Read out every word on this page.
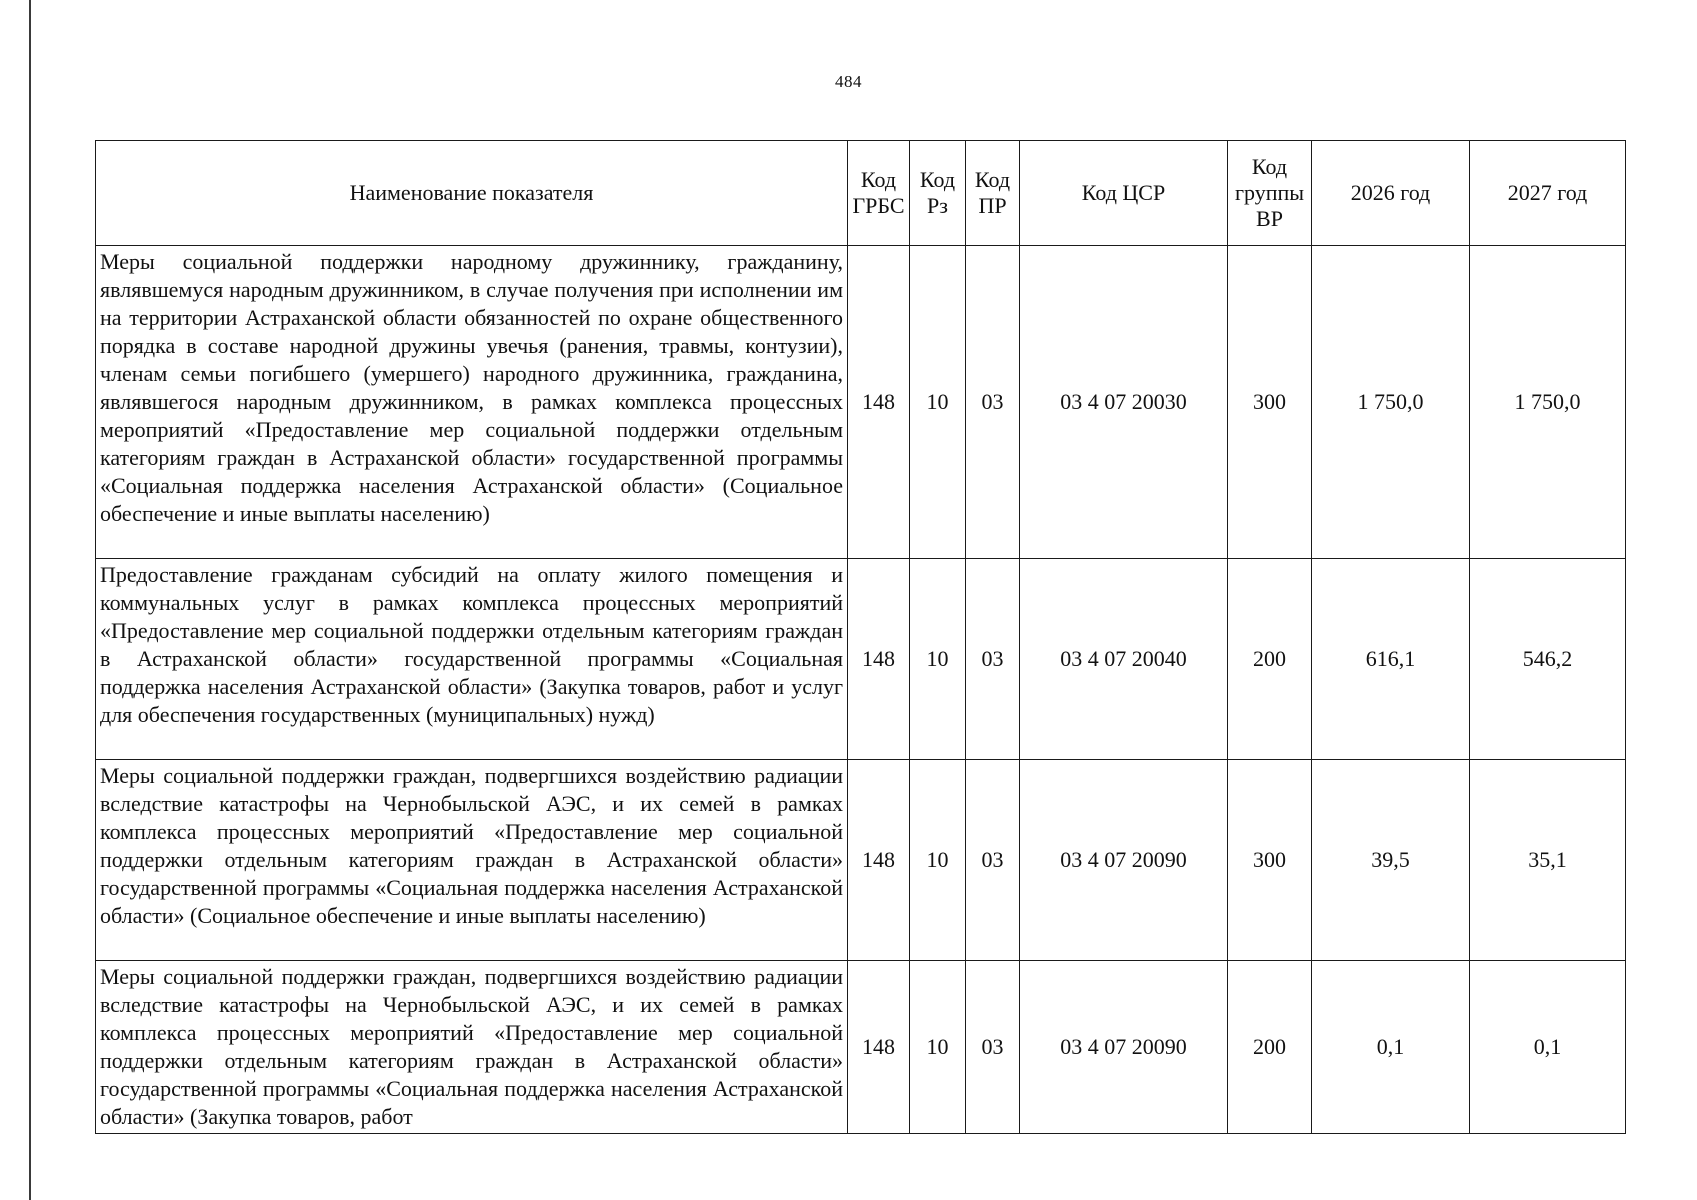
484
Наименование показателя	Код ГРБС	Код Рз	Код ПР	Код ЦСР	Код группы ВР	2026 год	2027 год

Меры социальной поддержки народному дружиннику, гражданину, являвшемуся народным дружинником, в случае получения при исполнении им на территории Астраханской области обязанностей по охране общественного порядка в составе народной дружины увечья (ранения, травмы, контузии), членам семьи погибшего (умершего) народного дружинника, гражданина, являвшегося народным дружинником, в рамках комплекса процессных мероприятий «Предоставление мер социальной поддержки отдельным категориям граждан в Астраханской области» государственной программы «Социальная поддержка населения Астраханской области» (Социальное обеспечение и иные выплаты населению)	148	10	03	03 4 07 20030	300	1 750,0	1 750,0

Предоставление гражданам субсидий на оплату жилого помещения и коммунальных услуг в рамках комплекса процессных мероприятий «Предоставление мер социальной поддержки отдельным категориям граждан в Астраханской области» государственной программы «Социальная поддержка населения Астраханской области» (Закупка товаров, работ и услуг для обеспечения государственных (муниципальных) нужд)	148	10	03	03 4 07 20040	200	616,1	546,2

Меры социальной поддержки граждан, подвергшихся воздействию радиации вследствие катастрофы на Чернобыльской АЭС, и их семей в рамках комплекса процессных мероприятий «Предоставление мер социальной поддержки отдельным категориям граждан в Астраханской области» государственной программы «Социальная поддержка населения Астраханской области» (Социальное обеспечение и иные выплаты населению)	148	10	03	03 4 07 20090	300	39,5	35,1

Меры социальной поддержки граждан, подвергшихся воздействию радиации вследствие катастрофы на Чернобыльской АЭС, и их семей в рамках комплекса процессных мероприятий «Предоставление мер социальной поддержки отдельным категориям граждан в Астраханской области» государственной программы «Социальная поддержка населения Астраханской области» (Закупка товаров, работ	148	10	03	03 4 07 20090	200	0,1	0,1
